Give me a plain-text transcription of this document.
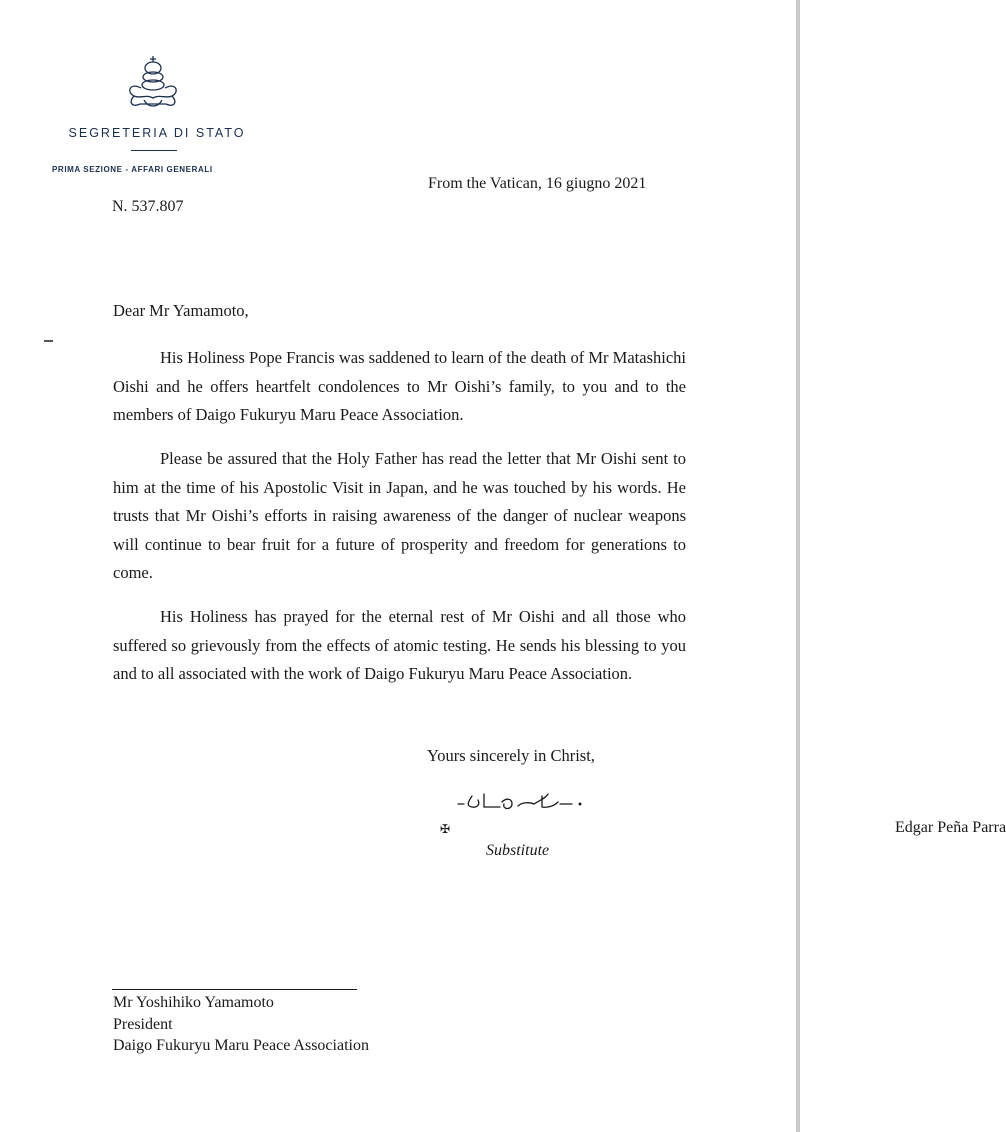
SEGRETERIA DI STATO
PRIMA SEZIONE - AFFARI GENERALI
From the Vatican, 16 giugno 2021
N. 537.807
Dear Mr Yamamoto,

His Holiness Pope Francis was saddened to learn of the death of Mr Matashichi Oishi and he offers heartfelt condolences to Mr Oishi’s family, to you and to the members of Daigo Fukuryu Maru Peace Association.

Please be assured that the Holy Father has read the letter that Mr Oishi sent to him at the time of his Apostolic Visit in Japan, and he was touched by his words. He trusts that Mr Oishi’s efforts in raising awareness of the danger of nuclear weapons will continue to bear fruit for a future of prosperity and freedom for generations to come.

His Holiness has prayed for the eternal rest of Mr Oishi and all those who suffered so grievously from the effects of atomic testing. He sends his blessing to you and to all associated with the work of Daigo Fukuryu Maru Peace Association.

Yours sincerely in Christ,
Edgar Peña Parra
✠
Substitute
Mr Yoshihiko Yamamoto
President
Daigo Fukuryu Maru Peace Association
